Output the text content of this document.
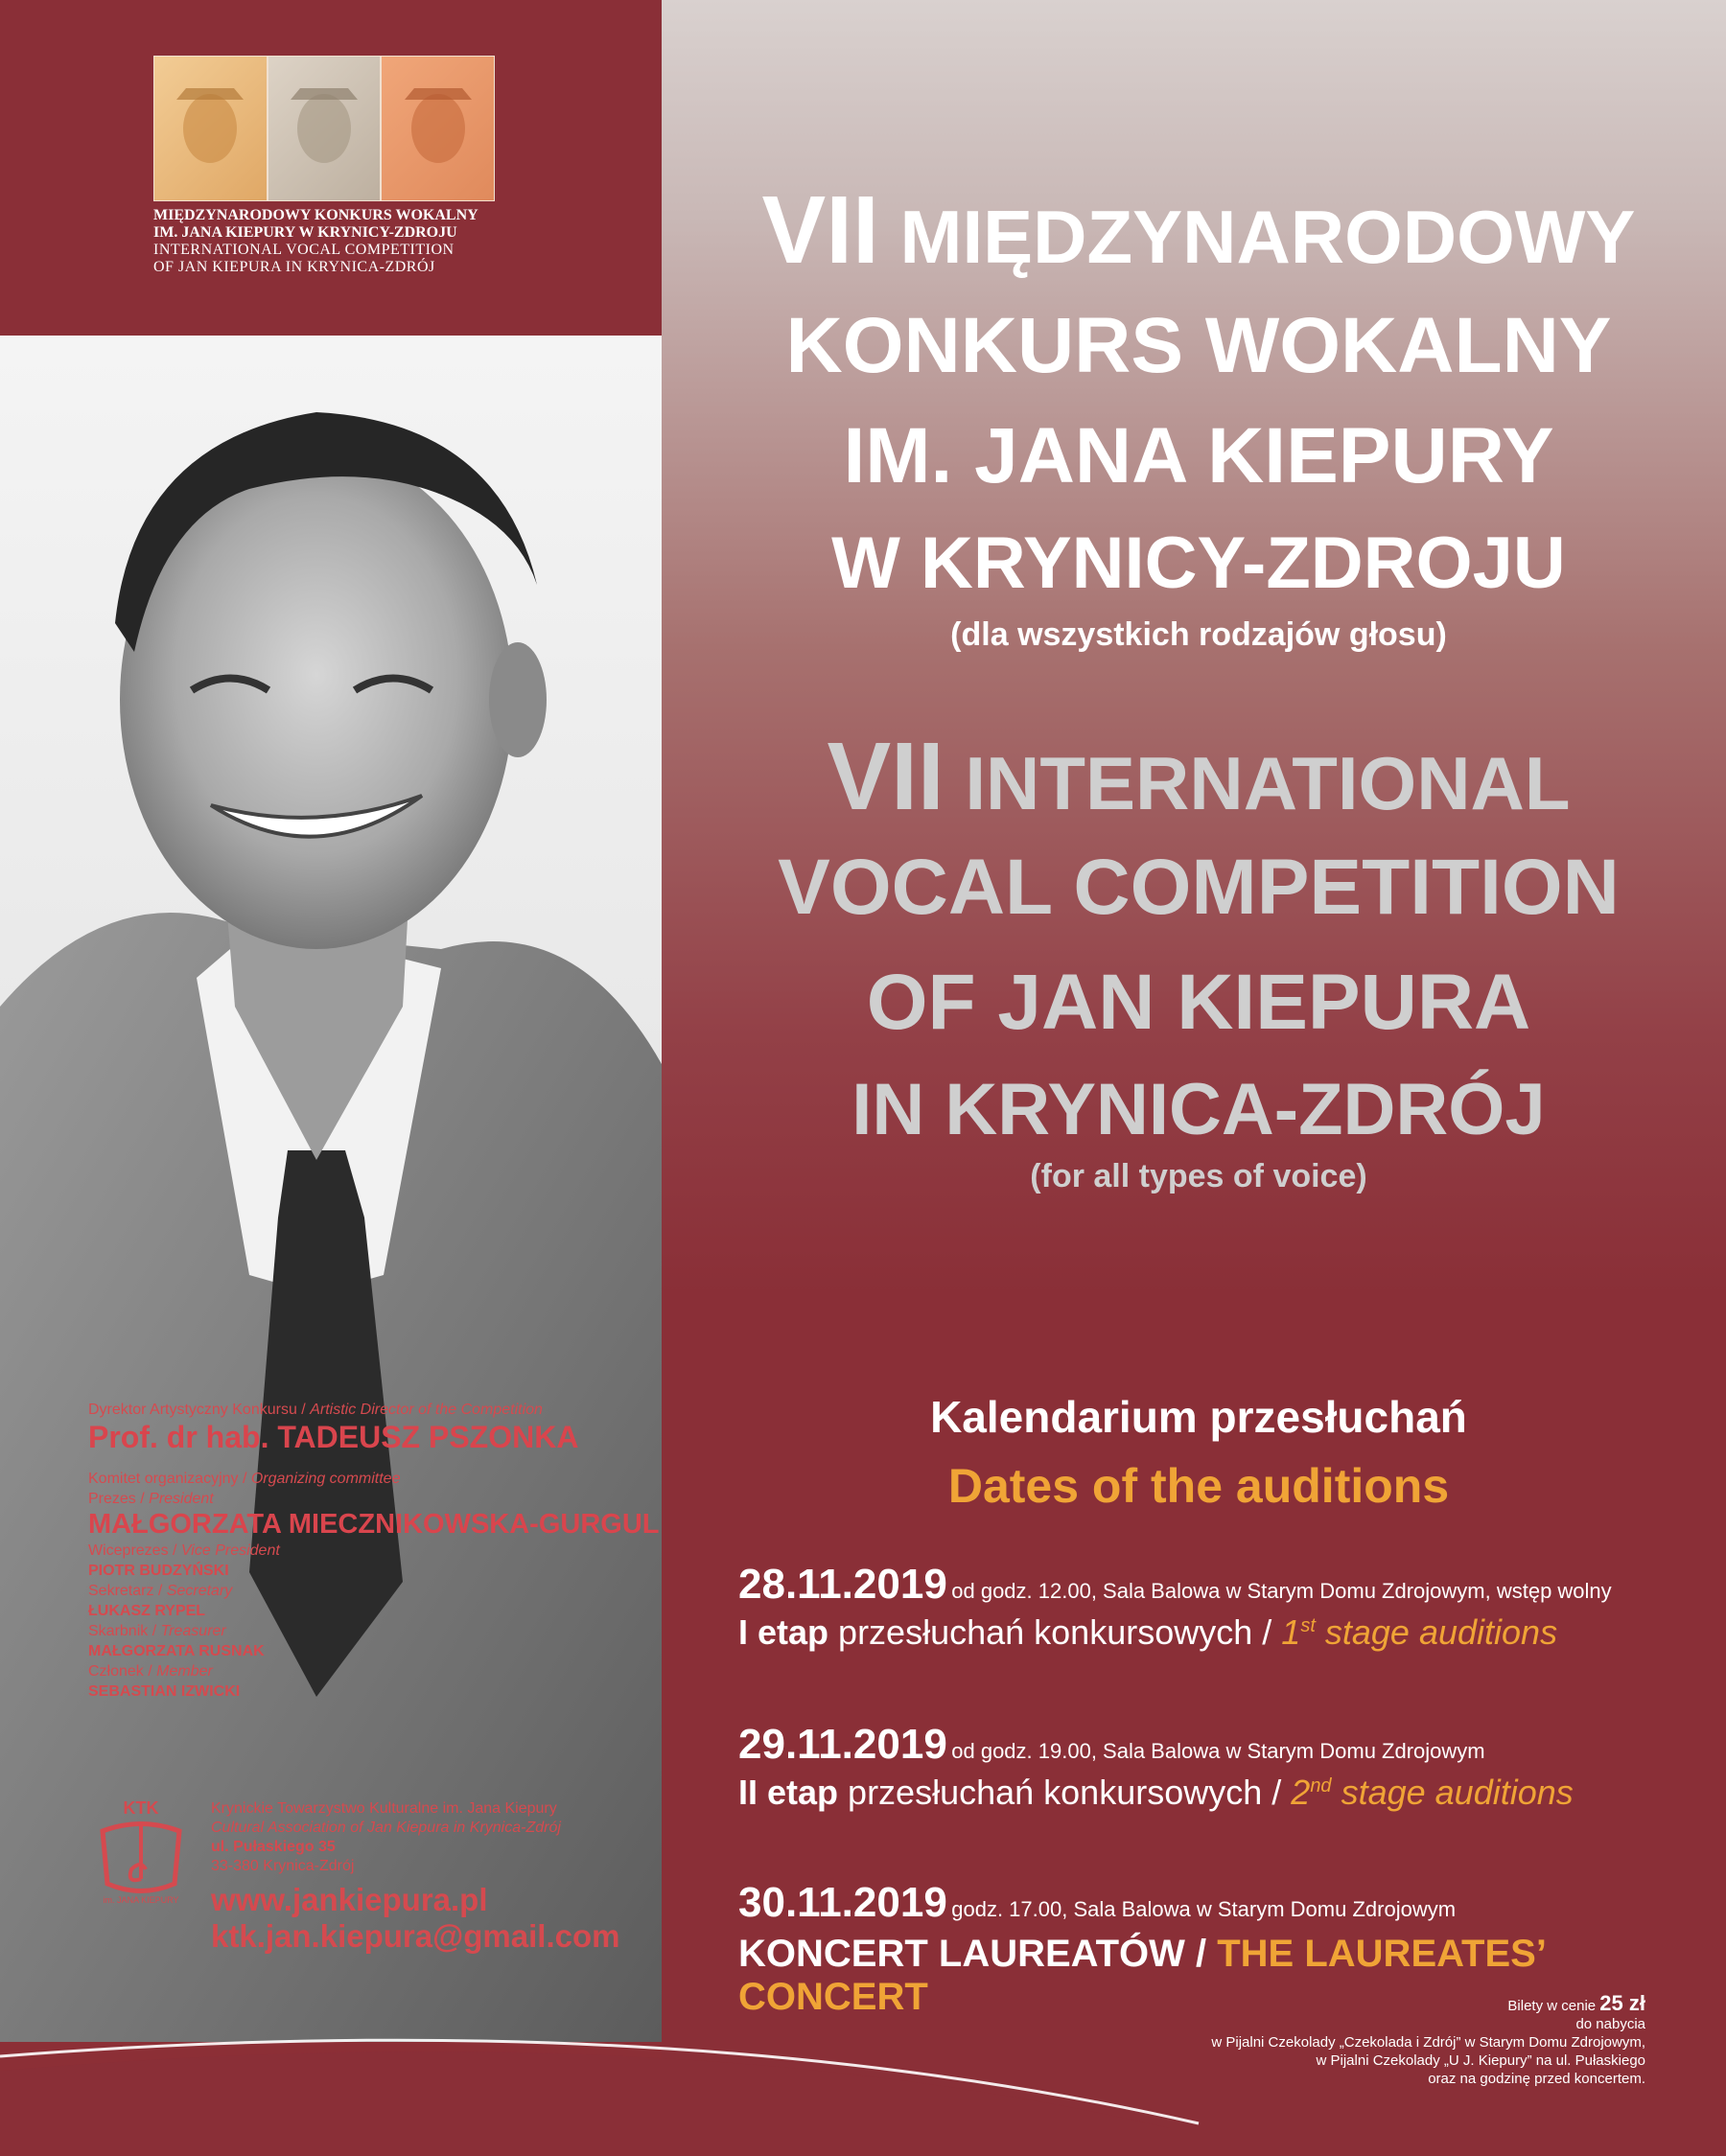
MIĘDZYNARODOWY KONKURS WOKALNY
IM. JANA KIEPURY W KRYNICY-ZDROJU
INTERNATIONAL VOCAL COMPETITION
OF JAN KIEPURA IN KRYNICA-ZDRÓJ	VII MIĘDZYNARODOWY
KONKURS WOKALNY
IM. JANA KIEPURY
W KRYNICY-ZDROJU
(dla wszystkich rodzajów głosu)
VII INTERNATIONAL
VOCAL COMPETITION
OF JAN KIEPURA
IN KRYNICA-ZDRÓJ
(for all types of voice)
Dyrektor Artystyczny Konkursu / Artistic Director of the Competition
Prof. dr hab. TADEUSZ PSZONKA
Komitet organizacyjny / Organizing committee
Prezes / President
MAŁGORZATA MIECZNIKOWSKA-GURGUL
Wiceprezes / Vice President
PIOTR BUDZYŃSKI
Sekretarz / Secretary
ŁUKASZ RYPEL
Skarbnik / Treasurer
MAŁGORZATA RUSNAK
Członek / Member
SEBASTIAN IZWICKI
KTK
im. JANA KIEPURY
Krynickie Towarzystwo Kulturalne im. Jana Kiepury
Cultural Association of Jan Kiepura in Krynica-Zdrój
ul. Pułaskiego 35
33-380 Krynica-Zdrój
www.jankiepura.pl
ktk.jan.kiepura@gmail.com
Kalendarium przesłuchań
Dates of the auditions
28.11.2019 od godz. 12.00, Sala Balowa w Starym Domu Zdrojowym, wstęp wolny
I etap przesłuchań konkursowych / 1st stage auditions
29.11.2019 od godz. 19.00, Sala Balowa w Starym Domu Zdrojowym
II etap przesłuchań konkursowych / 2nd stage auditions
30.11.2019 godz. 17.00, Sala Balowa w Starym Domu Zdrojowym
KONCERT LAUREATÓW / THE LAUREATES’ CONCERT	Bilety w cenie 25 zł
do nabycia
w Pijalni Czekolady „Czekolada i Zdrój” w Starym Domu Zdrojowym,
w Pijalni Czekolady „U J. Kiepury” na ul. Pułaskiego
oraz na godzinę przed koncertem.
